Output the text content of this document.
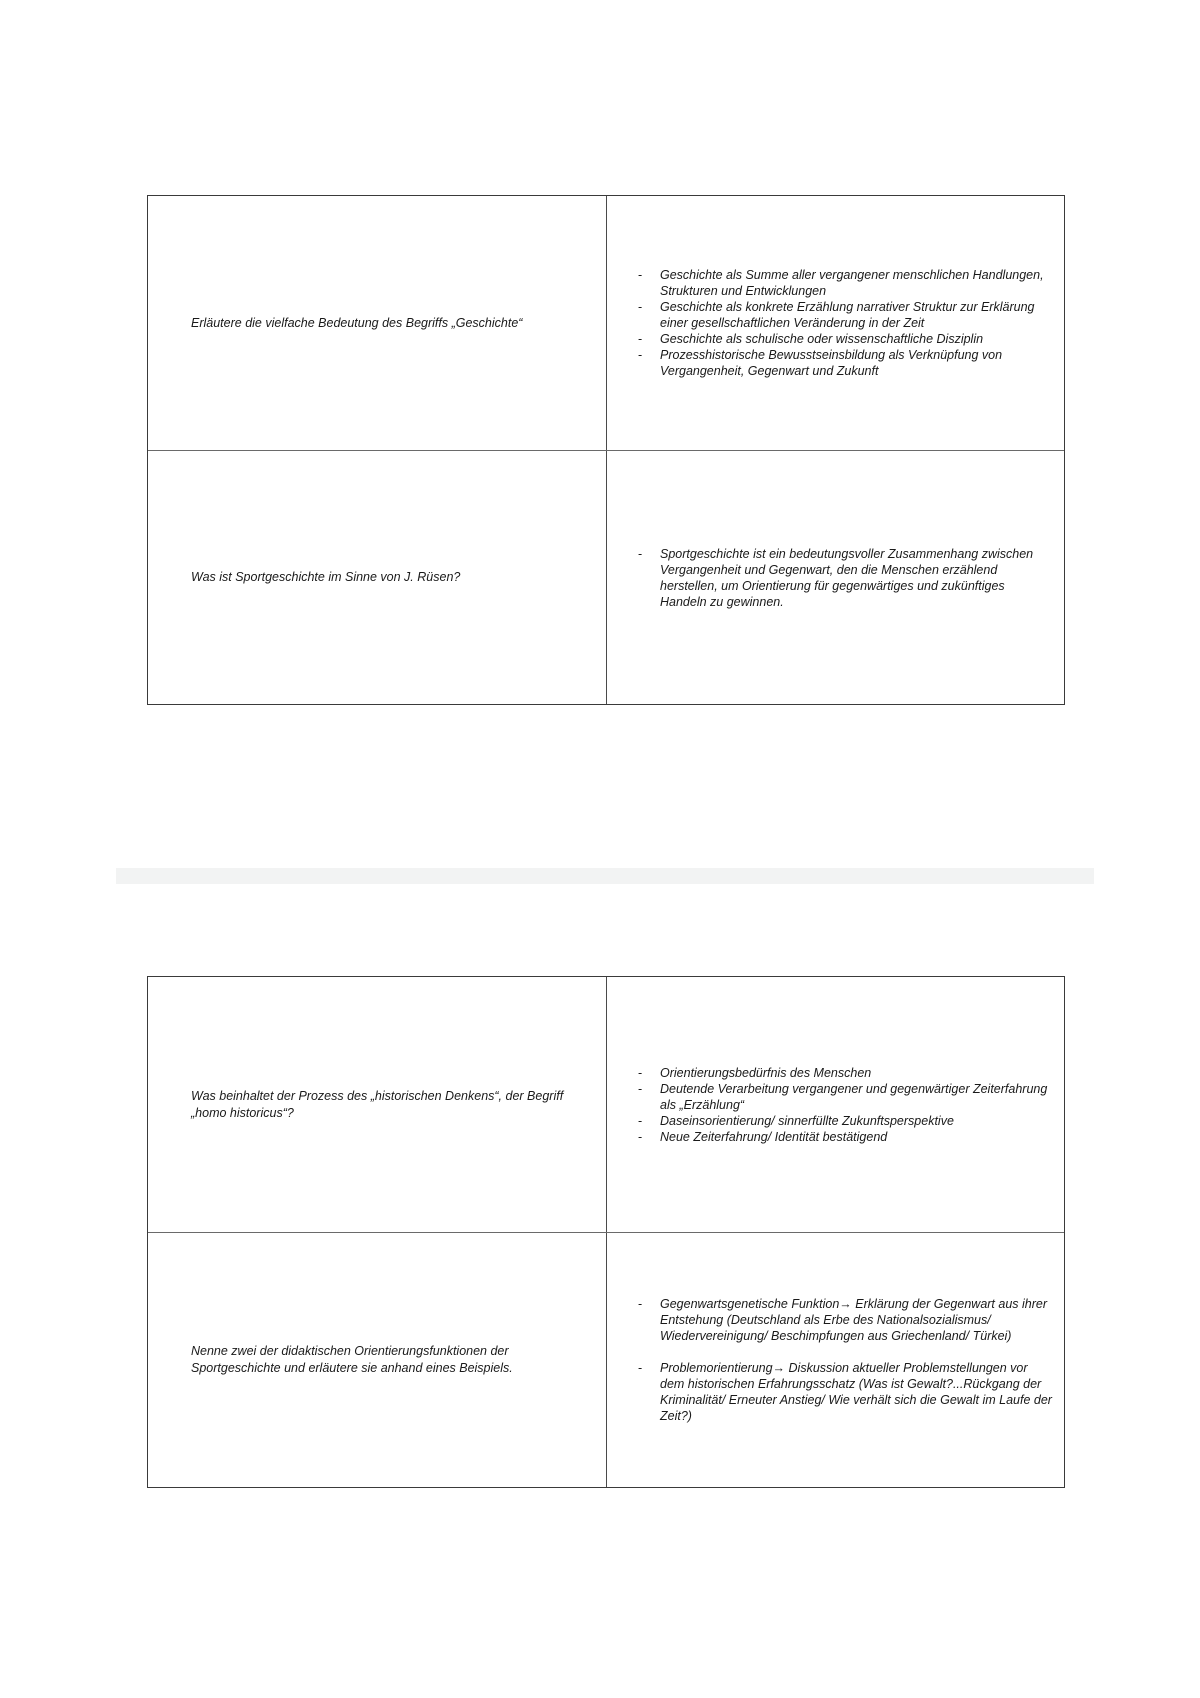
Erläutere die vielfache Bedeutung des Begriffs „Geschichte“

- Geschichte als Summe aller vergangener menschlichen Handlungen, Strukturen und Entwicklungen
- Geschichte als konkrete Erzählung narrativer Struktur zur Erklärung einer gesellschaftlichen Veränderung in der Zeit
- Geschichte als schulische oder wissenschaftliche Disziplin
- Prozesshistorische Bewusstseinsbildung als Verknüpfung von Vergangenheit, Gegenwart und Zukunft

Was ist Sportgeschichte im Sinne von J. Rüsen?

- Sportgeschichte ist ein bedeutungsvoller Zusammenhang zwischen Vergangenheit und Gegenwart, den die Menschen erzählend herstellen, um Orientierung für gegenwärtiges und zukünftiges Handeln zu gewinnen.

Was beinhaltet der Prozess des „historischen Denkens“, der Begriff „homo historicus“?

- Orientierungsbedürfnis des Menschen
- Deutende Verarbeitung vergangener und gegenwärtiger Zeiterfahrung als „Erzählung“
- Daseinsorientierung/ sinnerfüllte Zukunftsperspektive
- Neue Zeiterfahrung/ Identität bestätigend

Nenne zwei der didaktischen Orientierungsfunktionen der Sportgeschichte und erläutere sie anhand eines Beispiels.

- Gegenwartsgenetische Funktion→ Erklärung der Gegenwart aus ihrer Entstehung (Deutschland als Erbe des Nationalsozialismus/ Wiedervereinigung/ Beschimpfungen aus Griechenland/ Türkei)
- Problemorientierung→ Diskussion aktueller Problemstellungen vor dem historischen Erfahrungsschatz (Was ist Gewalt?...Rückgang der Kriminalität/ Erneuter Anstieg/ Wie verhält sich die Gewalt im Laufe der Zeit?)
